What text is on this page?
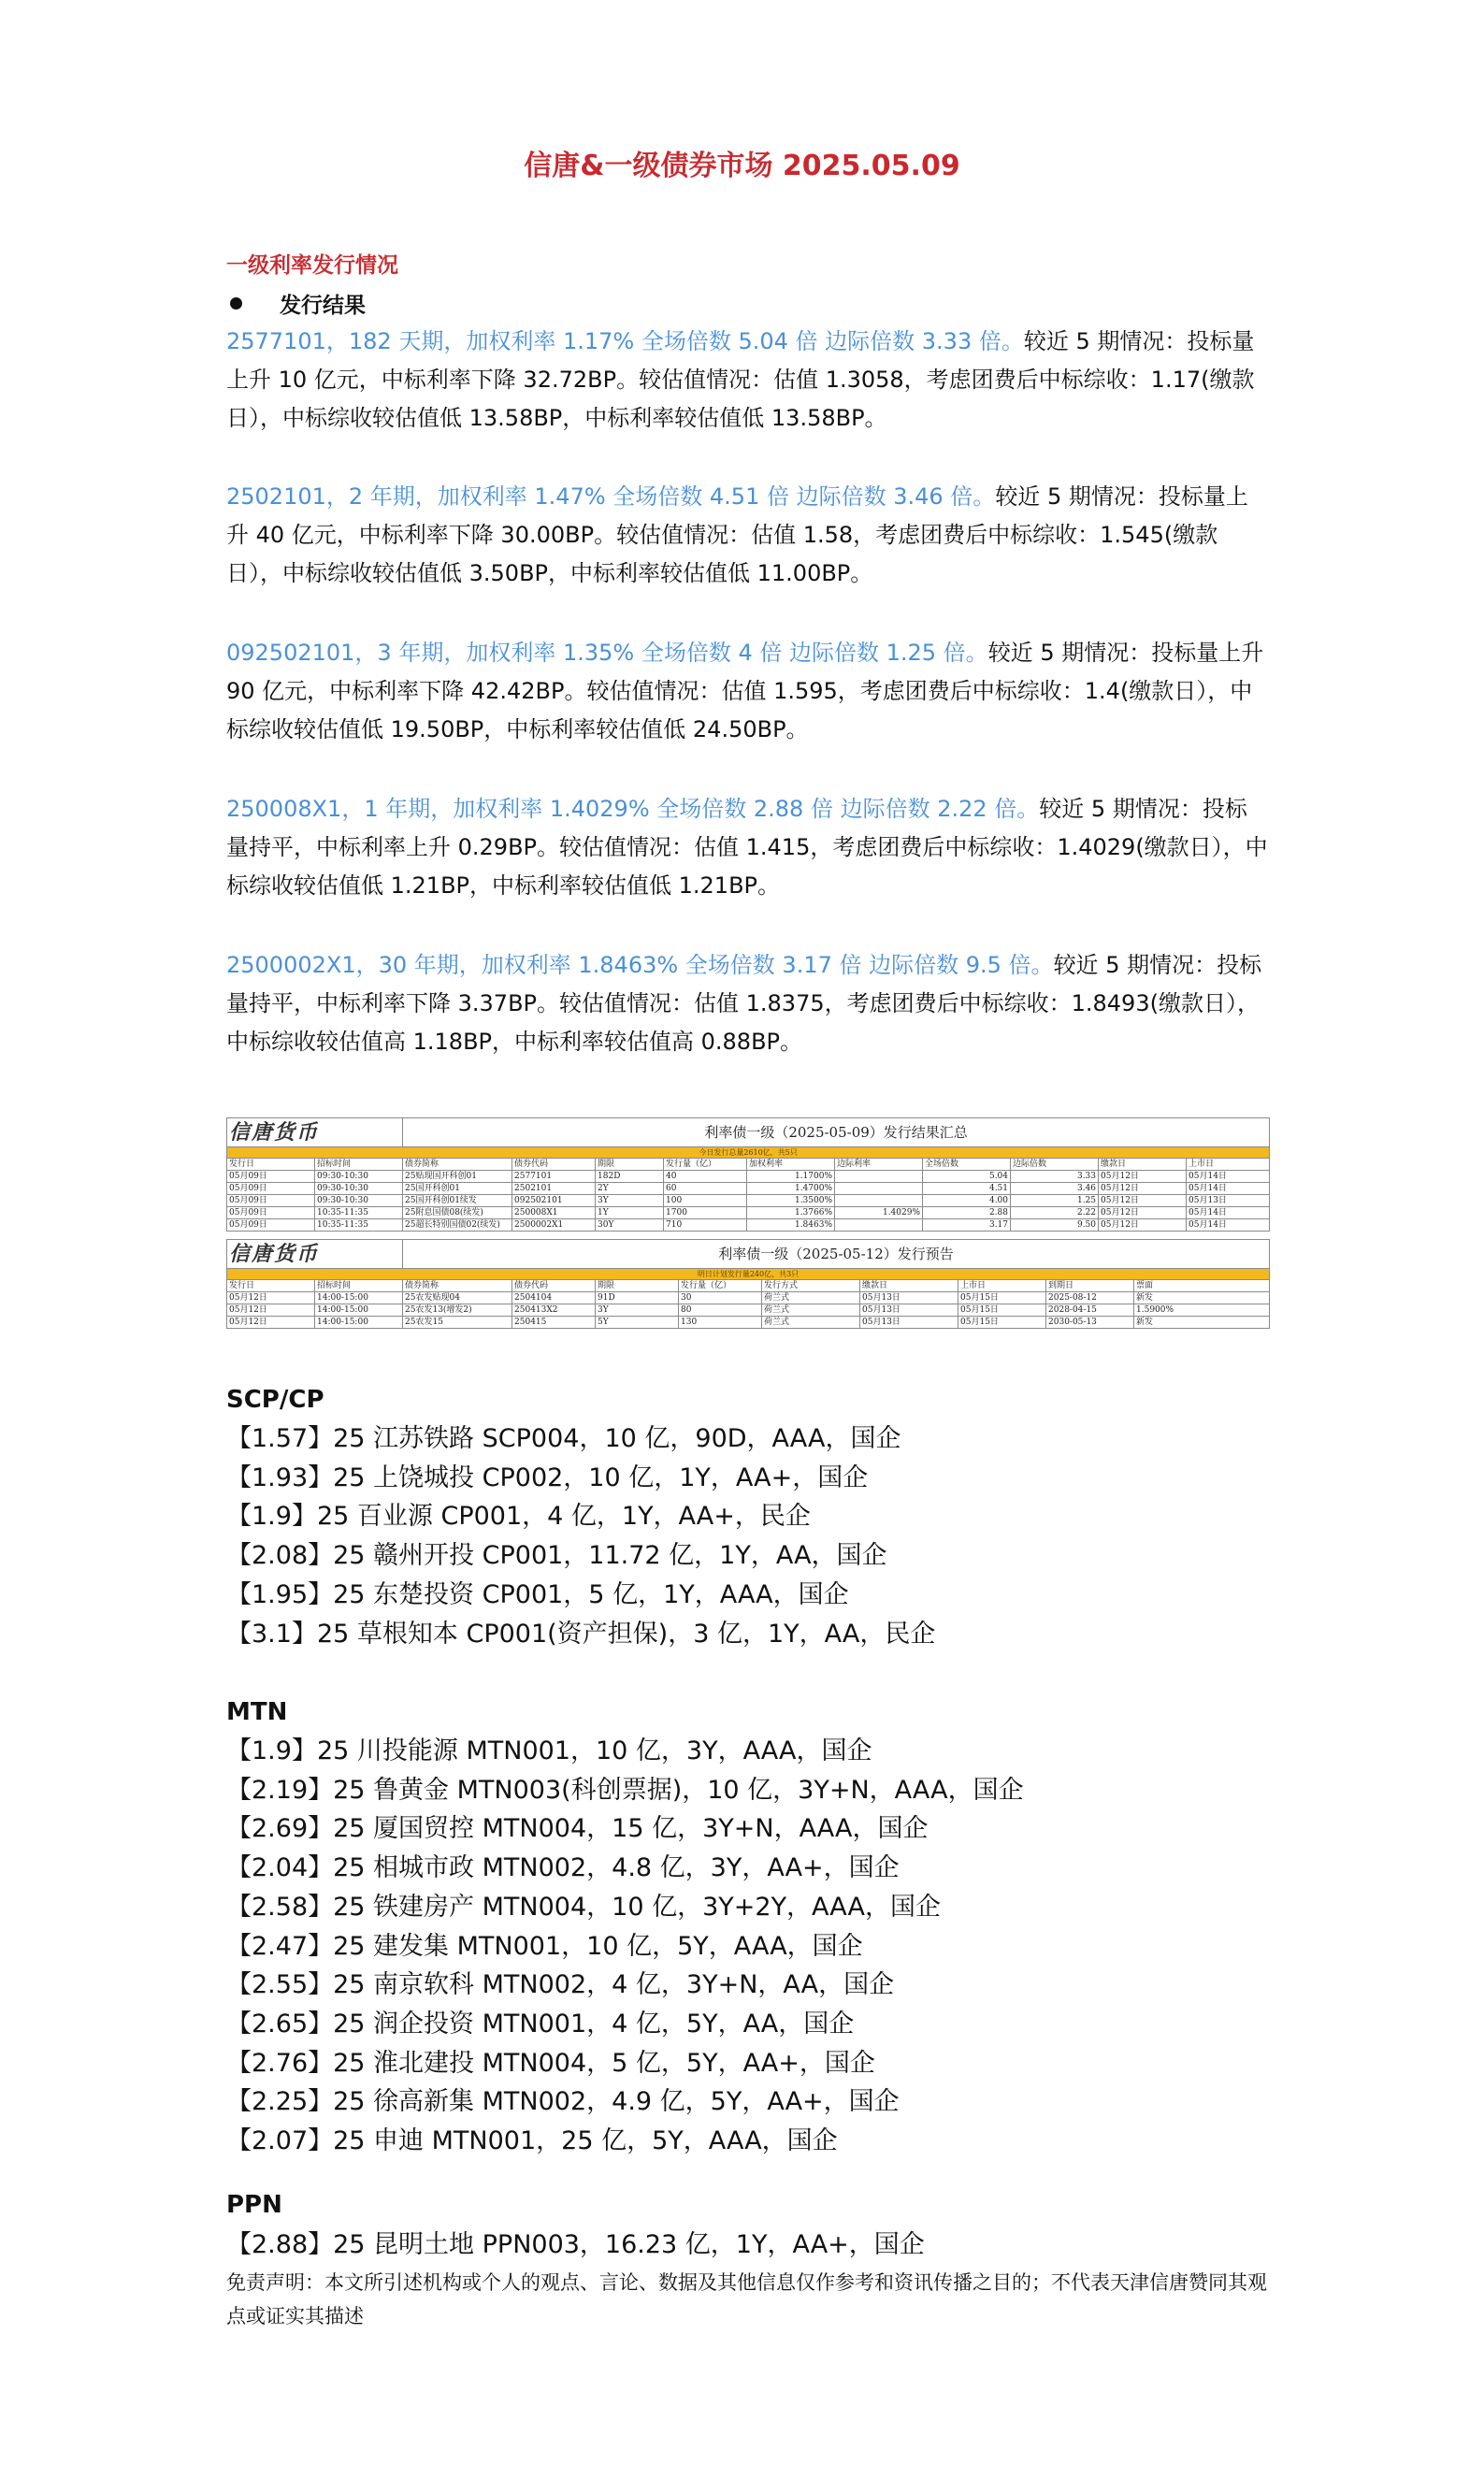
信唐&一级债券市场 2025.05.09
一级利率发行情况
发行结果
2577101，182 天期，加权利率 1.17% 全场倍数 5.04 倍 边际倍数 3.33 倍。较近 5 期情况：投标量上升 10 亿元，中标利率下降 32.72BP。较估值情况：估值 1.3058，考虑团费后中标综收：1.17(缴款日），中标综收较估值低 13.58BP，中标利率较估值低 13.58BP。
2502101，2 年期，加权利率 1.47% 全场倍数 4.51 倍 边际倍数 3.46 倍。较近 5 期情况：投标量上升 40 亿元，中标利率下降 30.00BP。较估值情况：估值 1.58，考虑团费后中标综收：1.545(缴款日），中标综收较估值低 3.50BP，中标利率较估值低 11.00BP。
092502101，3 年期，加权利率 1.35% 全场倍数 4 倍 边际倍数 1.25 倍。较近 5 期情况：投标量上升 90 亿元，中标利率下降 42.42BP。较估值情况：估值 1.595，考虑团费后中标综收：1.4(缴款日），中标综收较估值低 19.50BP，中标利率较估值低 24.50BP。
250008X1，1 年期，加权利率 1.4029% 全场倍数 2.88 倍 边际倍数 2.22 倍。较近 5 期情况：投标量持平，中标利率上升 0.29BP。较估值情况：估值 1.415，考虑团费后中标综收：1.4029(缴款日），中标综收较估值低 1.21BP，中标利率较估值低 1.21BP。
2500002X1，30 年期，加权利率 1.8463% 全场倍数 3.17 倍 边际倍数 9.5 倍。较近 5 期情况：投标量持平，中标利率下降 3.37BP。较估值情况：估值 1.8375，考虑团费后中标综收：1.8493(缴款日），中标综收较估值高 1.18BP，中标利率较估值高 0.88BP。
信唐货币		利率债一级（2025-05-09）发行结果汇总									
今日发行总量2610亿，共5只											
发行日	招标时间	债券简称	债券代码	期限	发行量（亿）	加权利率	边际利率	全场倍数	边际倍数	缴款日	上市日
05月09日	09:30-10:30	25贴现国开科创01	2577101	182D	40	1.1700%		5.04	3.33	05月12日	05月14日
05月09日	09:30-10:30	25国开科创01	2502101	2Y	60	1.4700%		4.51	3.46	05月12日	05月14日
05月09日	09:30-10:30	25国开科创01续发	092502101	3Y	100	1.3500%		4.00	1.25	05月12日	05月13日
05月09日	10:35-11:35	25附息国债08(续发)	250008X1	1Y	1700	1.3766%	1.4029%	2.88	2.22	05月12日	05月14日
05月09日	10:35-11:35	25超长特别国债02(续发)	2500002X1	30Y	710	1.8463%		3.17	9.50	05月12日	05月14日
信唐货币		利率债一级（2025-05-12）发行预告								
明日计划发行量240亿，共3只										
发行日	招标时间	债券简称	债券代码	期限	发行量（亿）	发行方式	缴款日	上市日	到期日	票面
05月12日	14:00-15:00	25农发贴现04	2504104	91D	30	荷兰式	05月13日	05月15日	2025-08-12	新发
05月12日	14:00-15:00	25农发13(增发2)	250413X2	3Y	80	荷兰式	05月13日	05月15日	2028-04-15	1.5900%
05月12日	14:00-15:00	25农发15	250415	5Y	130	荷兰式	05月13日	05月15日	2030-05-13	新发
SCP/CP
【1.57】25 江苏铁路 SCP004，10 亿，90D，AAA，国企
【1.93】25 上饶城投 CP002，10 亿，1Y，AA+，国企
【1.9】25 百业源 CP001，4 亿，1Y，AA+，民企
【2.08】25 赣州开投 CP001，11.72 亿，1Y，AA，国企
【1.95】25 东楚投资 CP001，5 亿，1Y，AAA，国企
【3.1】25 草根知本 CP001(资产担保)，3 亿，1Y，AA，民企
MTN
【1.9】25 川投能源 MTN001，10 亿，3Y，AAA，国企
【2.19】25 鲁黄金 MTN003(科创票据)，10 亿，3Y+N，AAA，国企
【2.69】25 厦国贸控 MTN004，15 亿，3Y+N，AAA，国企
【2.04】25 相城市政 MTN002，4.8 亿，3Y，AA+，国企
【2.58】25 铁建房产 MTN004，10 亿，3Y+2Y，AAA，国企
【2.47】25 建发集 MTN001，10 亿，5Y，AAA，国企
【2.55】25 南京软科 MTN002，4 亿，3Y+N，AA，国企
【2.65】25 润企投资 MTN001，4 亿，5Y，AA，国企
【2.76】25 淮北建投 MTN004，5 亿，5Y，AA+，国企
【2.25】25 徐高新集 MTN002，4.9 亿，5Y，AA+，国企
【2.07】25 申迪 MTN001，25 亿，5Y，AAA，国企
PPN
【2.88】25 昆明土地 PPN003，16.23 亿，1Y，AA+，国企
免责声明：本文所引述机构或个人的观点、言论、数据及其他信息仅作参考和资讯传播之目的；不代表天津信唐赞同其观点或证实其描述
